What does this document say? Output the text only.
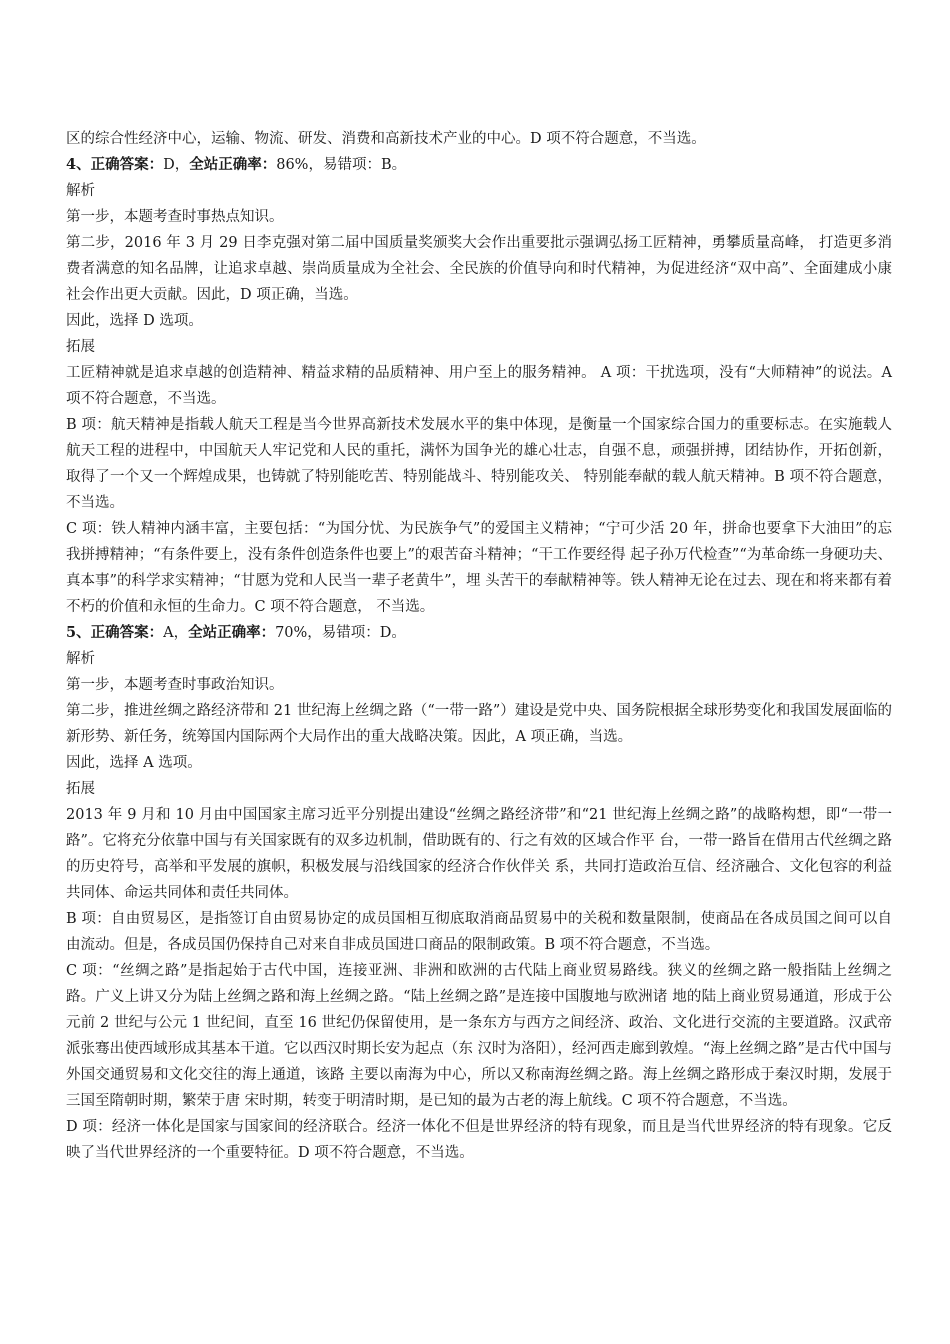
区的综合性经济中心，运输、物流、研发、消费和高新技术产业的中心。D 项不符合题意，不当选。

4、正确答案：D，全站正确率：86%，易错项：B。

解析

第一步，本题考查时事热点知识。

第二步，2016 年 3 月 29 日李克强对第二届中国质量奖颁奖大会作出重要批示强调弘扬工匠精神，勇攀质量高峰， 打造更多消费者满意的知名品牌，让追求卓越、崇尚质量成为全社会、全民族的价值导向和时代精神，为促进经济“双中高”、全面建成小康社会作出更大贡献。因此，D 项正确，当选。

因此，选择 D 选项。

拓展

工匠精神就是追求卓越的创造精神、精益求精的品质精神、用户至上的服务精神。 A 项：干扰选项，没有“大师精神”的说法。A 项不符合题意，不当选。

B 项：航天精神是指载人航天工程是当今世界高新技术发展水平的集中体现，是衡量一个国家综合国力的重要标志。在实施载人航天工程的进程中，中国航天人牢记党和人民的重托，满怀为国争光的雄心壮志，自强不息，顽强拼搏，团结协作，开拓创新，取得了一个又一个辉煌成果，也铸就了特别能吃苦、特别能战斗、特别能攻关、 特别能奉献的载人航天精神。B 项不符合题意，不当选。

C 项：铁人精神内涵丰富，主要包括：“为国分忧、为民族争气”的爱国主义精神；“宁可少活 20 年，拼命也要拿下大油田”的忘我拼搏精神；“有条件要上，没有条件创造条件也要上”的艰苦奋斗精神；“干工作要经得 起子孙万代检查”“为革命练一身硬功夫、真本事”的科学求实精神；“甘愿为党和人民当一辈子老黄牛”，埋 头苦干的奉献精神等。铁人精神无论在过去、现在和将来都有着不朽的价值和永恒的生命力。C 项不符合题意， 不当选。

5、正确答案：A，全站正确率：70%，易错项：D。

解析

第一步，本题考查时事政治知识。

第二步，推进丝绸之路经济带和 21 世纪海上丝绸之路（“一带一路”）建设是党中央、国务院根据全球形势变化和我国发展面临的新形势、新任务，统筹国内国际两个大局作出的重大战略决策。因此，A 项正确，当选。

因此，选择 A 选项。

拓展

2013 年 9 月和 10 月由中国国家主席习近平分别提出建设“丝绸之路经济带”和“21 世纪海上丝绸之路”的战略构想，即“一带一路”。它将充分依靠中国与有关国家既有的双多边机制，借助既有的、行之有效的区域合作平 台，一带一路旨在借用古代丝绸之路的历史符号，高举和平发展的旗帜，积极发展与沿线国家的经济合作伙伴关 系，共同打造政治互信、经济融合、文化包容的利益共同体、命运共同体和责任共同体。

B 项：自由贸易区，是指签订自由贸易协定的成员国相互彻底取消商品贸易中的关税和数量限制，使商品在各成员国之间可以自由流动。但是，各成员国仍保持自己对来自非成员国进口商品的限制政策。B 项不符合题意，不当选。

C 项：“丝绸之路”是指起始于古代中国，连接亚洲、非洲和欧洲的古代陆上商业贸易路线。狭义的丝绸之路一般指陆上丝绸之路。广义上讲又分为陆上丝绸之路和海上丝绸之路。“陆上丝绸之路”是连接中国腹地与欧洲诸 地的陆上商业贸易通道，形成于公元前 2 世纪与公元 1 世纪间，直至 16 世纪仍保留使用，是一条东方与西方之间经济、政治、文化进行交流的主要道路。汉武帝派张骞出使西域形成其基本干道。它以西汉时期长安为起点（东 汉时为洛阳），经河西走廊到敦煌。“海上丝绸之路”是古代中国与外国交通贸易和文化交往的海上通道，该路 主要以南海为中心，所以又称南海丝绸之路。海上丝绸之路形成于秦汉时期，发展于三国至隋朝时期，繁荣于唐 宋时期，转变于明清时期，是已知的最为古老的海上航线。C 项不符合题意，不当选。

D 项：经济一体化是国家与国家间的经济联合。经济一体化不但是世界经济的特有现象，而且是当代世界经济的特有现象。它反映了当代世界经济的一个重要特征。D 项不符合题意，不当选。
